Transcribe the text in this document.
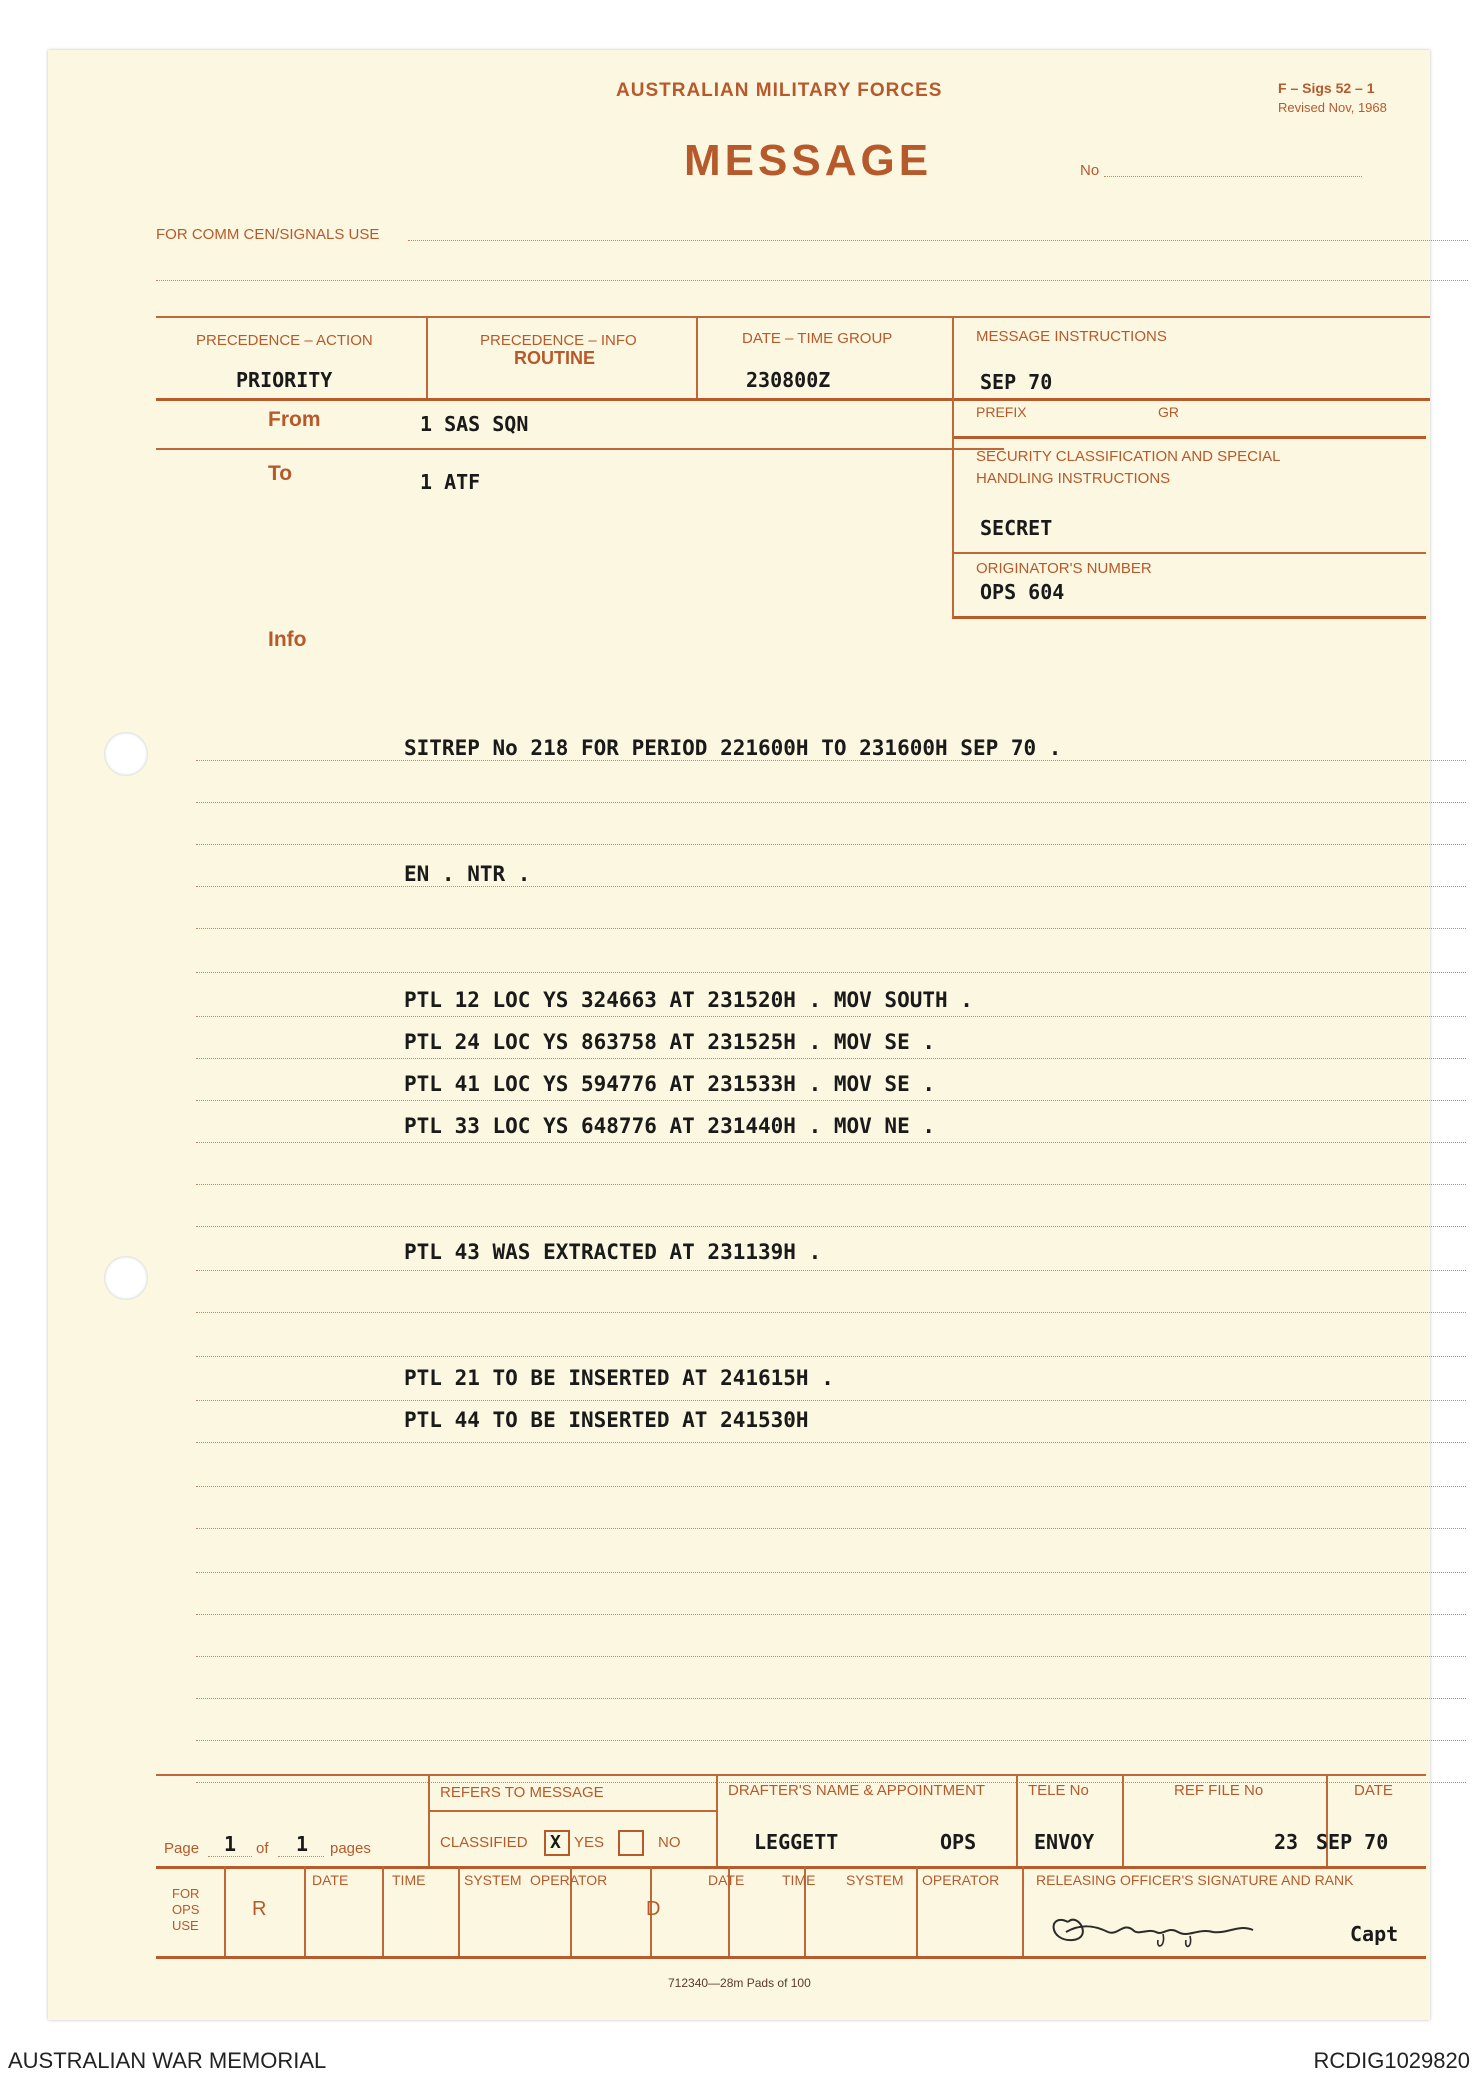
AUSTRALIAN MILITARY FORCES	F – Sigs 52 – 1
Revised Nov, 1968
MESSAGE	No
FOR COMM CEN/SIGNALS USE
PRECEDENCE – ACTION
PRIORITY
PRECEDENCE – INFO
ROUTINE
DATE – TIME GROUP
230800Z
MESSAGE INSTRUCTIONS
SEP 70
PREFIX	GR
From	1 SAS SQN
To	1 ATF
SECURITY CLASSIFICATION AND SPECIAL
HANDLING INSTRUCTIONS
SECRET
ORIGINATOR'S NUMBER
OPS 604
Info
SITREP No 218 FOR PERIOD 221600H TO 231600H SEP 70 .
EN . NTR .
PTL 12 LOC YS 324663 AT 231520H . MOV SOUTH .
PTL 24 LOC YS 863758 AT 231525H . MOV SE .
PTL 41 LOC YS 594776 AT 231533H . MOV SE .
PTL 33 LOC YS 648776 AT 231440H . MOV NE .
PTL 43 WAS EXTRACTED AT 231139H .
PTL 21 TO BE INSERTED AT 241615H .
PTL 44 TO BE INSERTED AT 241530H
Page 1 of 1 pages
REFERS TO MESSAGE
CLASSIFIED X YES	NO
DRAFTER'S NAME & APPOINTMENT
LEGGETT	OPS
TELE No
ENVOY
REF FILE No
23
DATE
SEP 70
FOR
OPS
USE
R
DATE	TIME	SYSTEM OPERATOR
D
DATE	TIME SYSTEM OPERATOR	RELEASING OFFICER'S SIGNATURE AND RANK
Capt
712340—28m Pads of 100
AUSTRALIAN WAR MEMORIAL	RCDIG1029820
